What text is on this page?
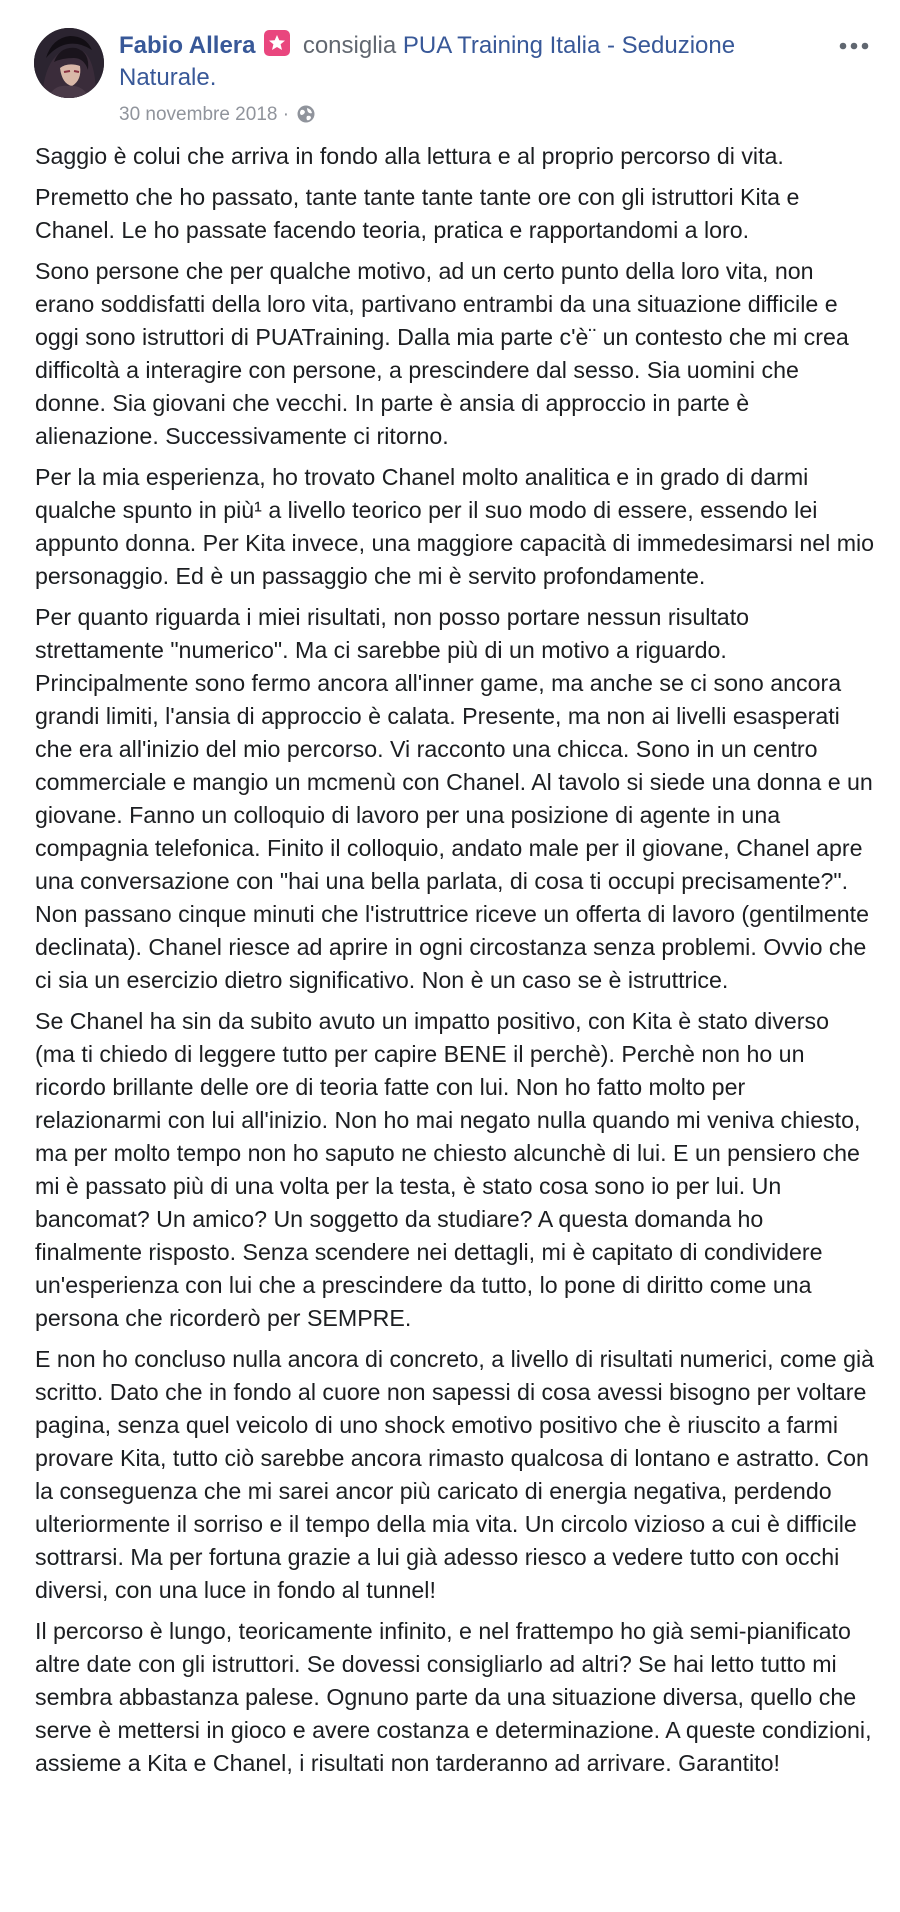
Fabio Allera consiglia PUA Training Italia - Seduzione Naturale.
30 novembre 2018 ·

Saggio è colui che arriva in fondo alla lettura e al proprio percorso di vita.

Premetto che ho passato, tante tante tante tante ore con gli istruttori Kita e Chanel. Le ho passate facendo teoria, pratica e rapportandomi a loro.

Sono persone che per qualche motivo, ad un certo punto della loro vita, non erano soddisfatti della loro vita, partivano entrambi da una situazione difficile e oggi sono istruttori di PUATraining. Dalla mia parte c'è¨ un contesto che mi crea difficoltà a interagire con persone, a prescindere dal sesso. Sia uomini che donne. Sia giovani che vecchi. In parte è ansia di approccio in parte è alienazione. Successivamente ci ritorno.

Per la mia esperienza, ho trovato Chanel molto analitica e in grado di darmi qualche spunto in più¹ a livello teorico per il suo modo di essere, essendo lei appunto donna. Per Kita invece, una maggiore capacità di immedesimarsi nel mio personaggio. Ed è un passaggio che mi è servito profondamente.

Per quanto riguarda i miei risultati, non posso portare nessun risultato strettamente "numerico". Ma ci sarebbe più di un motivo a riguardo. Principalmente sono fermo ancora all'inner game, ma anche se ci sono ancora grandi limiti, l'ansia di approccio è calata. Presente, ma non ai livelli esasperati che era all'inizio del mio percorso. Vi racconto una chicca. Sono in un centro commerciale e mangio un mcmenù con Chanel. Al tavolo si siede una donna e un giovane. Fanno un colloquio di lavoro per una posizione di agente in una compagnia telefonica. Finito il colloquio, andato male per il giovane, Chanel apre una conversazione con "hai una bella parlata, di cosa ti occupi precisamente?". Non passano cinque minuti che l'istruttrice riceve un offerta di lavoro (gentilmente declinata). Chanel riesce ad aprire in ogni circostanza senza problemi. Ovvio che ci sia un esercizio dietro significativo. Non è un caso se è istruttrice.

Se Chanel ha sin da subito avuto un impatto positivo, con Kita è stato diverso (ma ti chiedo di leggere tutto per capire BENE il perchè). Perchè non ho un ricordo brillante delle ore di teoria fatte con lui. Non ho fatto molto per relazionarmi con lui all'inizio. Non ho mai negato nulla quando mi veniva chiesto, ma per molto tempo non ho saputo ne chiesto alcunchè di lui. E un pensiero che mi è passato più di una volta per la testa, è stato cosa sono io per lui. Un bancomat? Un amico? Un soggetto da studiare? A questa domanda ho finalmente risposto. Senza scendere nei dettagli, mi è capitato di condividere un'esperienza con lui che a prescindere da tutto, lo pone di diritto come una persona che ricorderò per SEMPRE.

E non ho concluso nulla ancora di concreto, a livello di risultati numerici, come già scritto. Dato che in fondo al cuore non sapessi di cosa avessi bisogno per voltare pagina, senza quel veicolo di uno shock emotivo positivo che è riuscito a farmi provare Kita, tutto ciò sarebbe ancora rimasto qualcosa di lontano e astratto. Con la conseguenza che mi sarei ancor più caricato di energia negativa, perdendo ulteriormente il sorriso e il tempo della mia vita. Un circolo vizioso a cui è difficile sottrarsi. Ma per fortuna grazie a lui già adesso riesco a vedere tutto con occhi diversi, con una luce in fondo al tunnel!

Il percorso è lungo, teoricamente infinito, e nel frattempo ho già semi-pianificato altre date con gli istruttori. Se dovessi consigliarlo ad altri? Se hai letto tutto mi sembra abbastanza palese. Ognuno parte da una situazione diversa, quello che serve è mettersi in gioco e avere costanza e determinazione. A queste condizioni, assieme a Kita e Chanel, i risultati non tarderanno ad arrivare. Garantito!
